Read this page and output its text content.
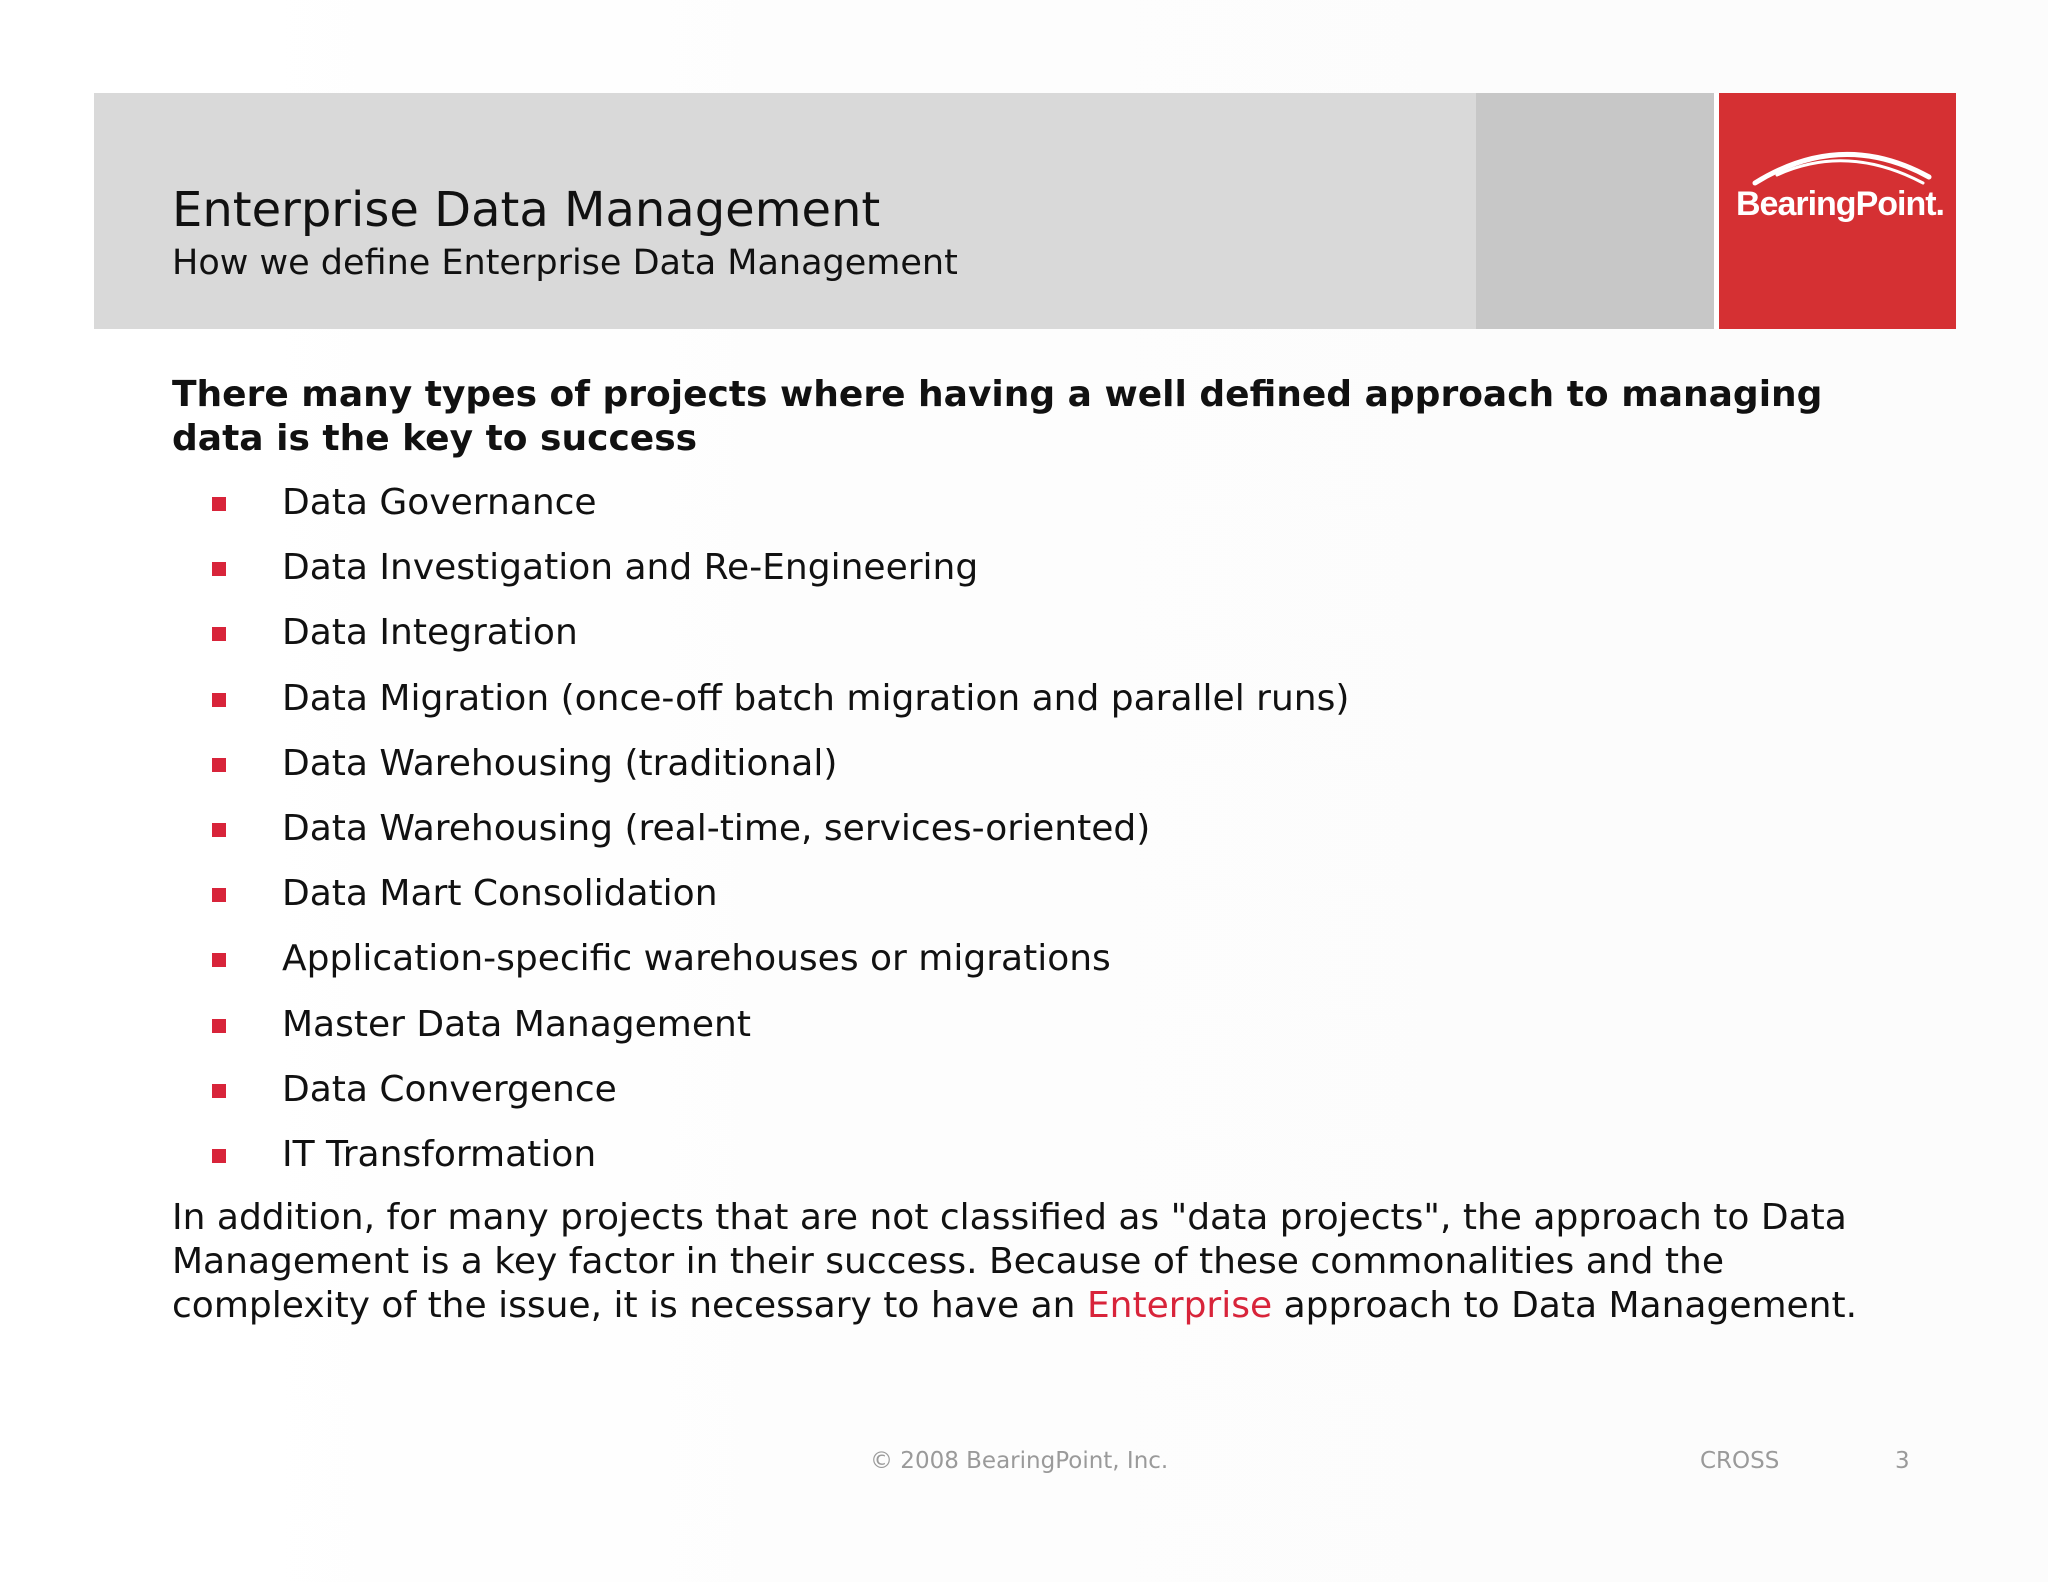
BearingPoint.
Enterprise Data Management
How we define Enterprise Data Management
There many types of projects where having a well defined approach to managing data is the key to success
Data Governance
Data Investigation and Re-Engineering
Data Integration
Data Migration (once-off batch migration and parallel runs)
Data Warehousing (traditional)
Data Warehousing (real-time, services-oriented)
Data Mart Consolidation
Application-specific warehouses or migrations
Master Data Management
Data Convergence
IT Transformation
In addition, for many projects that are not classified as "data projects", the approach to Data Management is a key factor in their success. Because of these commonalities and the complexity of the issue, it is necessary to have an Enterprise approach to Data Management.
© 2008 BearingPoint, Inc.	CROSS	3
